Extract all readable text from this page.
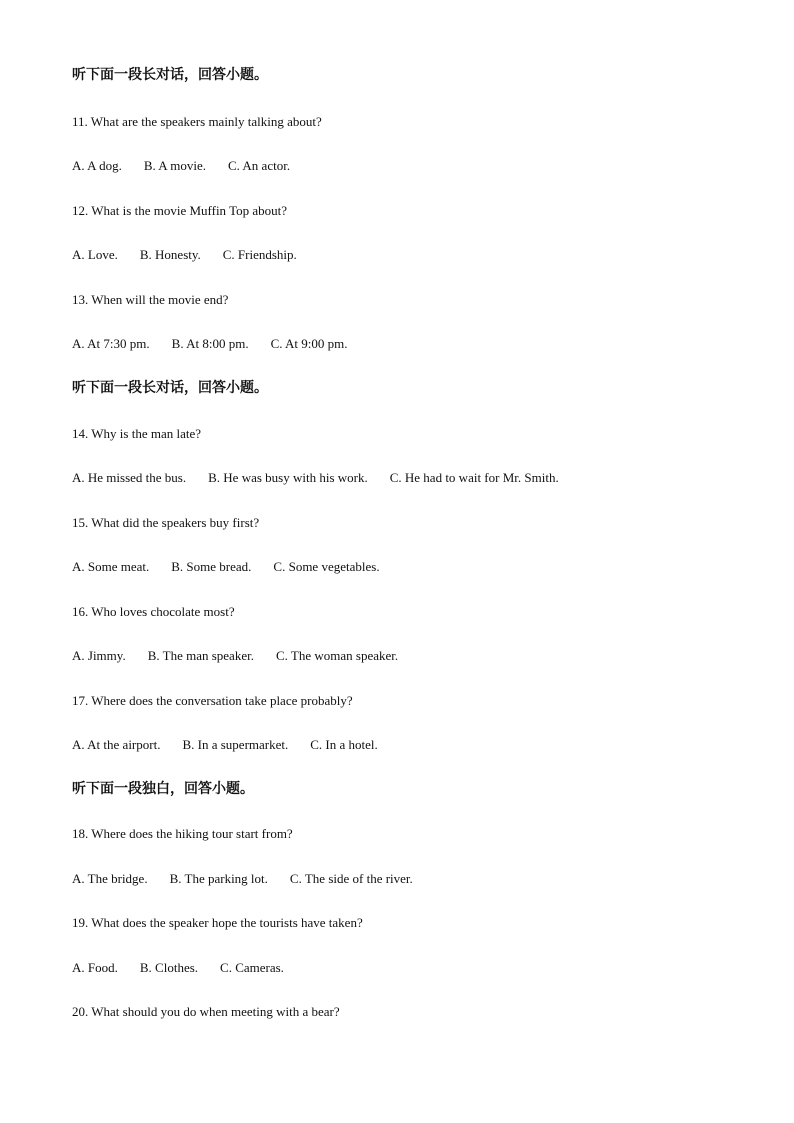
听下面一段长对话，回答小题。
11. What are the speakers mainly talking about?
A. A dog. B. A movie. C. An actor.
12. What is the movie Muffin Top about?
A. Love. B. Honesty. C. Friendship.
13. When will the movie end?
A. At 7:30 pm. B. At 8:00 pm. C. At 9:00 pm.
听下面一段长对话，回答小题。
14. Why is the man late?
A. He missed the bus. B. He was busy with his work. C. He had to wait for Mr. Smith.
15. What did the speakers buy first?
A. Some meat. B. Some bread. C. Some vegetables.
16. Who loves chocolate most?
A. Jimmy. B. The man speaker. C. The woman speaker.
17. Where does the conversation take place probably?
A. At the airport. B. In a supermarket. C. In a hotel.
听下面一段独白，回答小题。
18. Where does the hiking tour start from?
A. The bridge. B. The parking lot. C. The side of the river.
19. What does the speaker hope the tourists have taken?
A. Food. B. Clothes. C. Cameras.
20. What should you do when meeting with a bear?
